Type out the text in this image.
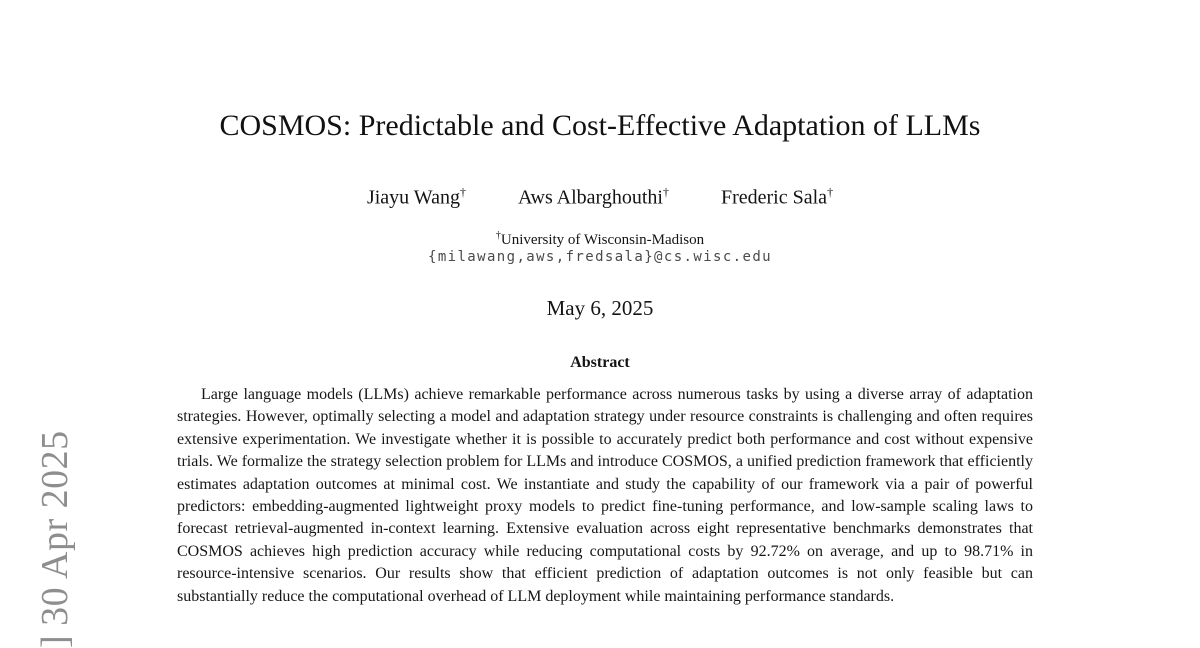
]30 Apr 2025
COSMOS: Predictable and Cost-Effective Adaptation of LLMs
Jiayu Wang†	Aws Albarghouthi†	Frederic Sala†
†University of Wisconsin-Madison
{milawang,aws,fredsala}@cs.wisc.edu
May 6, 2025
Abstract

Large language models (LLMs) achieve remarkable performance across numerous tasks by using a diverse array of adaptation strategies. However, optimally selecting a model and adaptation strategy under resource constraints is challenging and often requires extensive experimentation. We investigate whether it is possible to accurately predict both performance and cost without expensive trials. We formalize the strategy selection problem for LLMs and introduce COSMOS, a unified prediction framework that efficiently estimates adaptation outcomes at minimal cost. We instantiate and study the capability of our framework via a pair of powerful predictors: embedding-augmented lightweight proxy models to predict fine-tuning performance, and low-sample scaling laws to forecast retrieval-augmented in-context learning. Extensive evaluation across eight representative benchmarks demonstrates that COSMOS achieves high prediction accuracy while reducing computational costs by 92.72% on average, and up to 98.71% in resource-intensive scenarios. Our results show that efficient prediction of adaptation outcomes is not only feasible but can substantially reduce the computational overhead of LLM deployment while maintaining performance standards.
